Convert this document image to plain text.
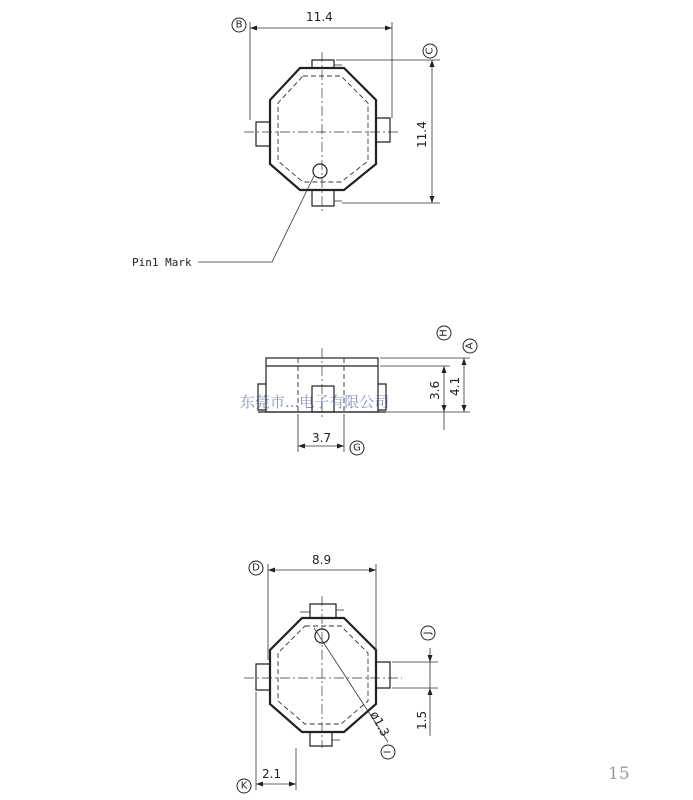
11.4
11.4
B
C
Pin1 Mark
3.6 4.1
H
A
3.7
G
东莞市...电子有限公司
8.9
D
1.5
J
ø1.3
I
2.1
K
15
